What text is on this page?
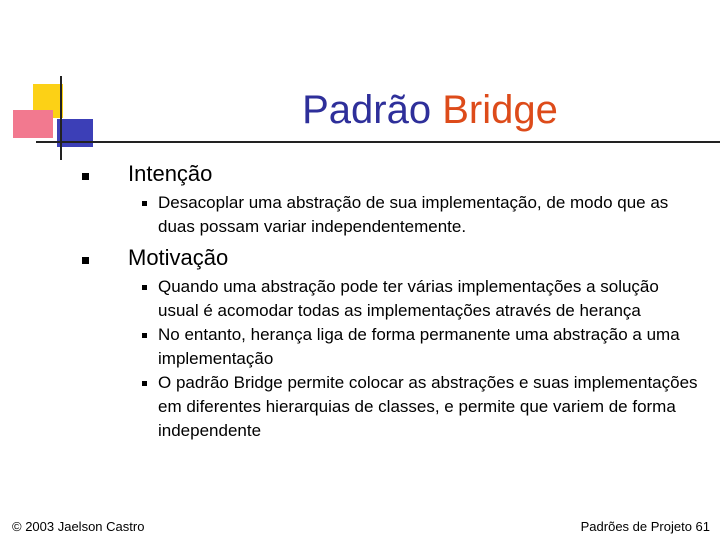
Padrão Bridge

Intenção

Desacoplar uma abstração de sua implementação, de modo que as duas possam variar independentemente.

Motivação

Quando uma abstração pode ter várias implementações a solução usual é acomodar todas as implementações através de herança

No entanto, herança liga de forma permanente uma abstração a uma implementação

O padrão Bridge permite colocar as abstrações e suas implementações em diferentes hierarquias de classes, e permite que variem de forma independente

© 2003 Jaelson Castro	Padrões de Projeto 61
